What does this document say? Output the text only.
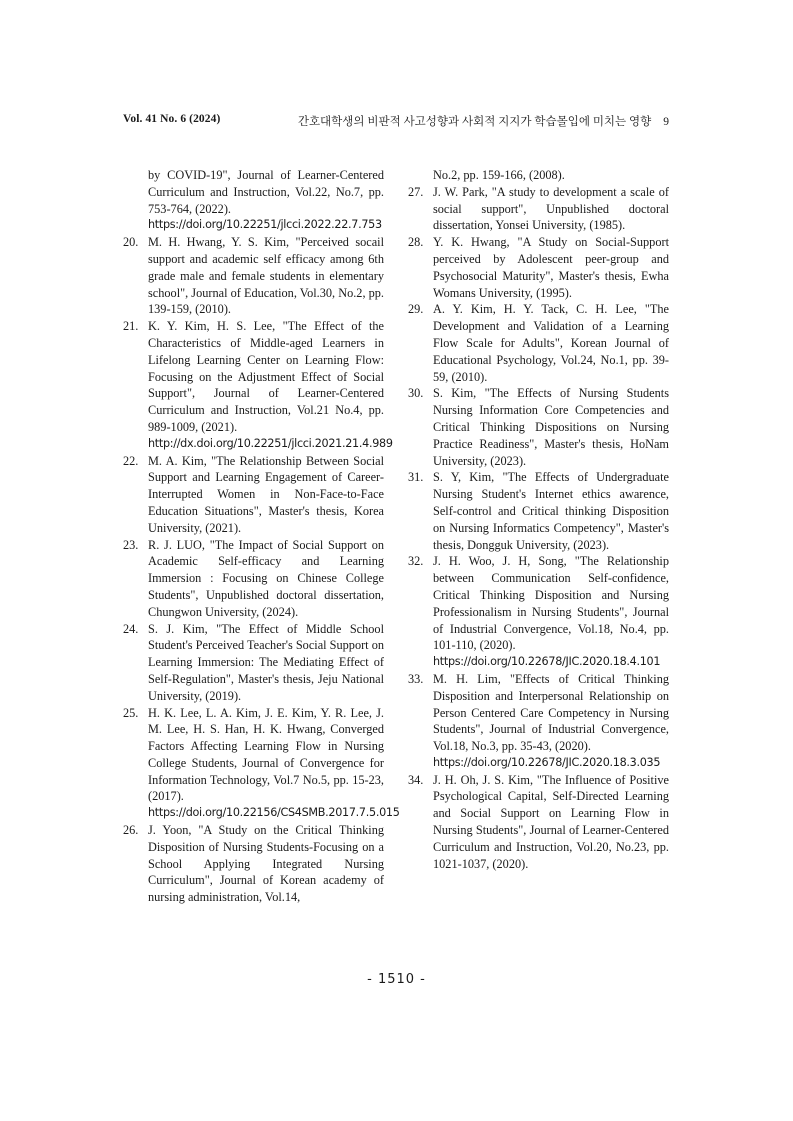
Vol. 41 No. 6 (2024)	간호대학생의 비판적 사고성향과 사회적 지지가 학습몰입에 미치는 영향 9
by COVID-19", Journal of Learner-Centered Curriculum and Instruction, Vol.22, No.7, pp. 753-764, (2022).
https://doi.org/10.22251/jlcci.2022.22.7.753
20. M. H. Hwang, Y. S. Kim, "Perceived socail support and academic self efficacy among 6th grade male and female students in elementary school", Journal of Education, Vol.30, No.2, pp. 139-159, (2010).
21. K. Y. Kim, H. S. Lee, "The Effect of the Characteristics of Middle-aged Learners in Lifelong Learning Center on Learning Flow: Focusing on the Adjustment Effect of Social Support", Journal of Learner-Centered Curriculum and Instruction, Vol.21 No.4, pp. 989-1009, (2021).
http://dx.doi.org/10.22251/jlcci.2021.21.4.989
22. M. A. Kim, "The Relationship Between Social Support and Learning Engagement of Career-Interrupted Women in Non-Face-to-Face Education Situations", Master's thesis, Korea University, (2021).
23. R. J. LUO, "The Impact of Social Support on Academic Self-efficacy and Learning Immersion : Focusing on Chinese College Students", Unpublished doctoral dissertation, Chungwon University, (2024).
24. S. J. Kim, "The Effect of Middle School Student's Perceived Teacher's Social Support on Learning Immersion: The Mediating Effect of Self-Regulation", Master's thesis, Jeju National University, (2019).
25. H. K. Lee, L. A. Kim, J. E. Kim, Y. R. Lee, J. M. Lee, H. S. Han, H. K. Hwang, Converged Factors Affecting Learning Flow in Nursing College Students, Journal of Convergence for Information Technology, Vol.7 No.5, pp. 15-23, (2017).
https://doi.org/10.22156/CS4SMB.2017.7.5.015
26. J. Yoon, "A Study on the Critical Thinking Disposition of Nursing Students-Focusing on a School Applying Integrated Nursing Curriculum", Journal of Korean academy of nursing administration, Vol.14,
No.2, pp. 159-166, (2008).
27. J. W. Park, "A study to development a scale of social support", Unpublished doctoral dissertation, Yonsei University, (1985).
28. Y. K. Hwang, "A Study on Social-Support perceived by Adolescent peer-group and Psychosocial Maturity", Master's thesis, Ewha Womans University, (1995).
29. A. Y. Kim, H. Y. Tack, C. H. Lee, "The Development and Validation of a Learning Flow Scale for Adults", Korean Journal of Educational Psychology, Vol.24, No.1, pp. 39-59, (2010).
30. S. Kim, "The Effects of Nursing Students Nursing Information Core Competencies and Critical Thinking Dispositions on Nursing Practice Readiness", Master's thesis, HoNam University, (2023).
31. S. Y, Kim, "The Effects of Undergraduate Nursing Student's Internet ethics awarence, Self-control and Critical thinking Disposition on Nursing Informatics Competency", Master's thesis, Dongguk University, (2023).
32. J. H. Woo, J. H, Song, "The Relationship between Communication Self-confidence, Critical Thinking Disposition and Nursing Professionalism in Nursing Students", Journal of Industrial Convergence, Vol.18, No.4, pp. 101-110, (2020).
https://doi.org/10.22678/JIC.2020.18.4.101
33. M. H. Lim, "Effects of Critical Thinking Disposition and Interpersonal Relationship on Person Centered Care Competency in Nursing Students", Journal of Industrial Convergence, Vol.18, No.3, pp. 35-43, (2020).
https://doi.org/10.22678/JIC.2020.18.3.035
34. J. H. Oh, J. S. Kim, "The Influence of Positive Psychological Capital, Self-Directed Learning and Social Support on Learning Flow in Nursing Students", Journal of Learner-Centered Curriculum and Instruction, Vol.20, No.23, pp. 1021-1037, (2020).
- 1510 -
